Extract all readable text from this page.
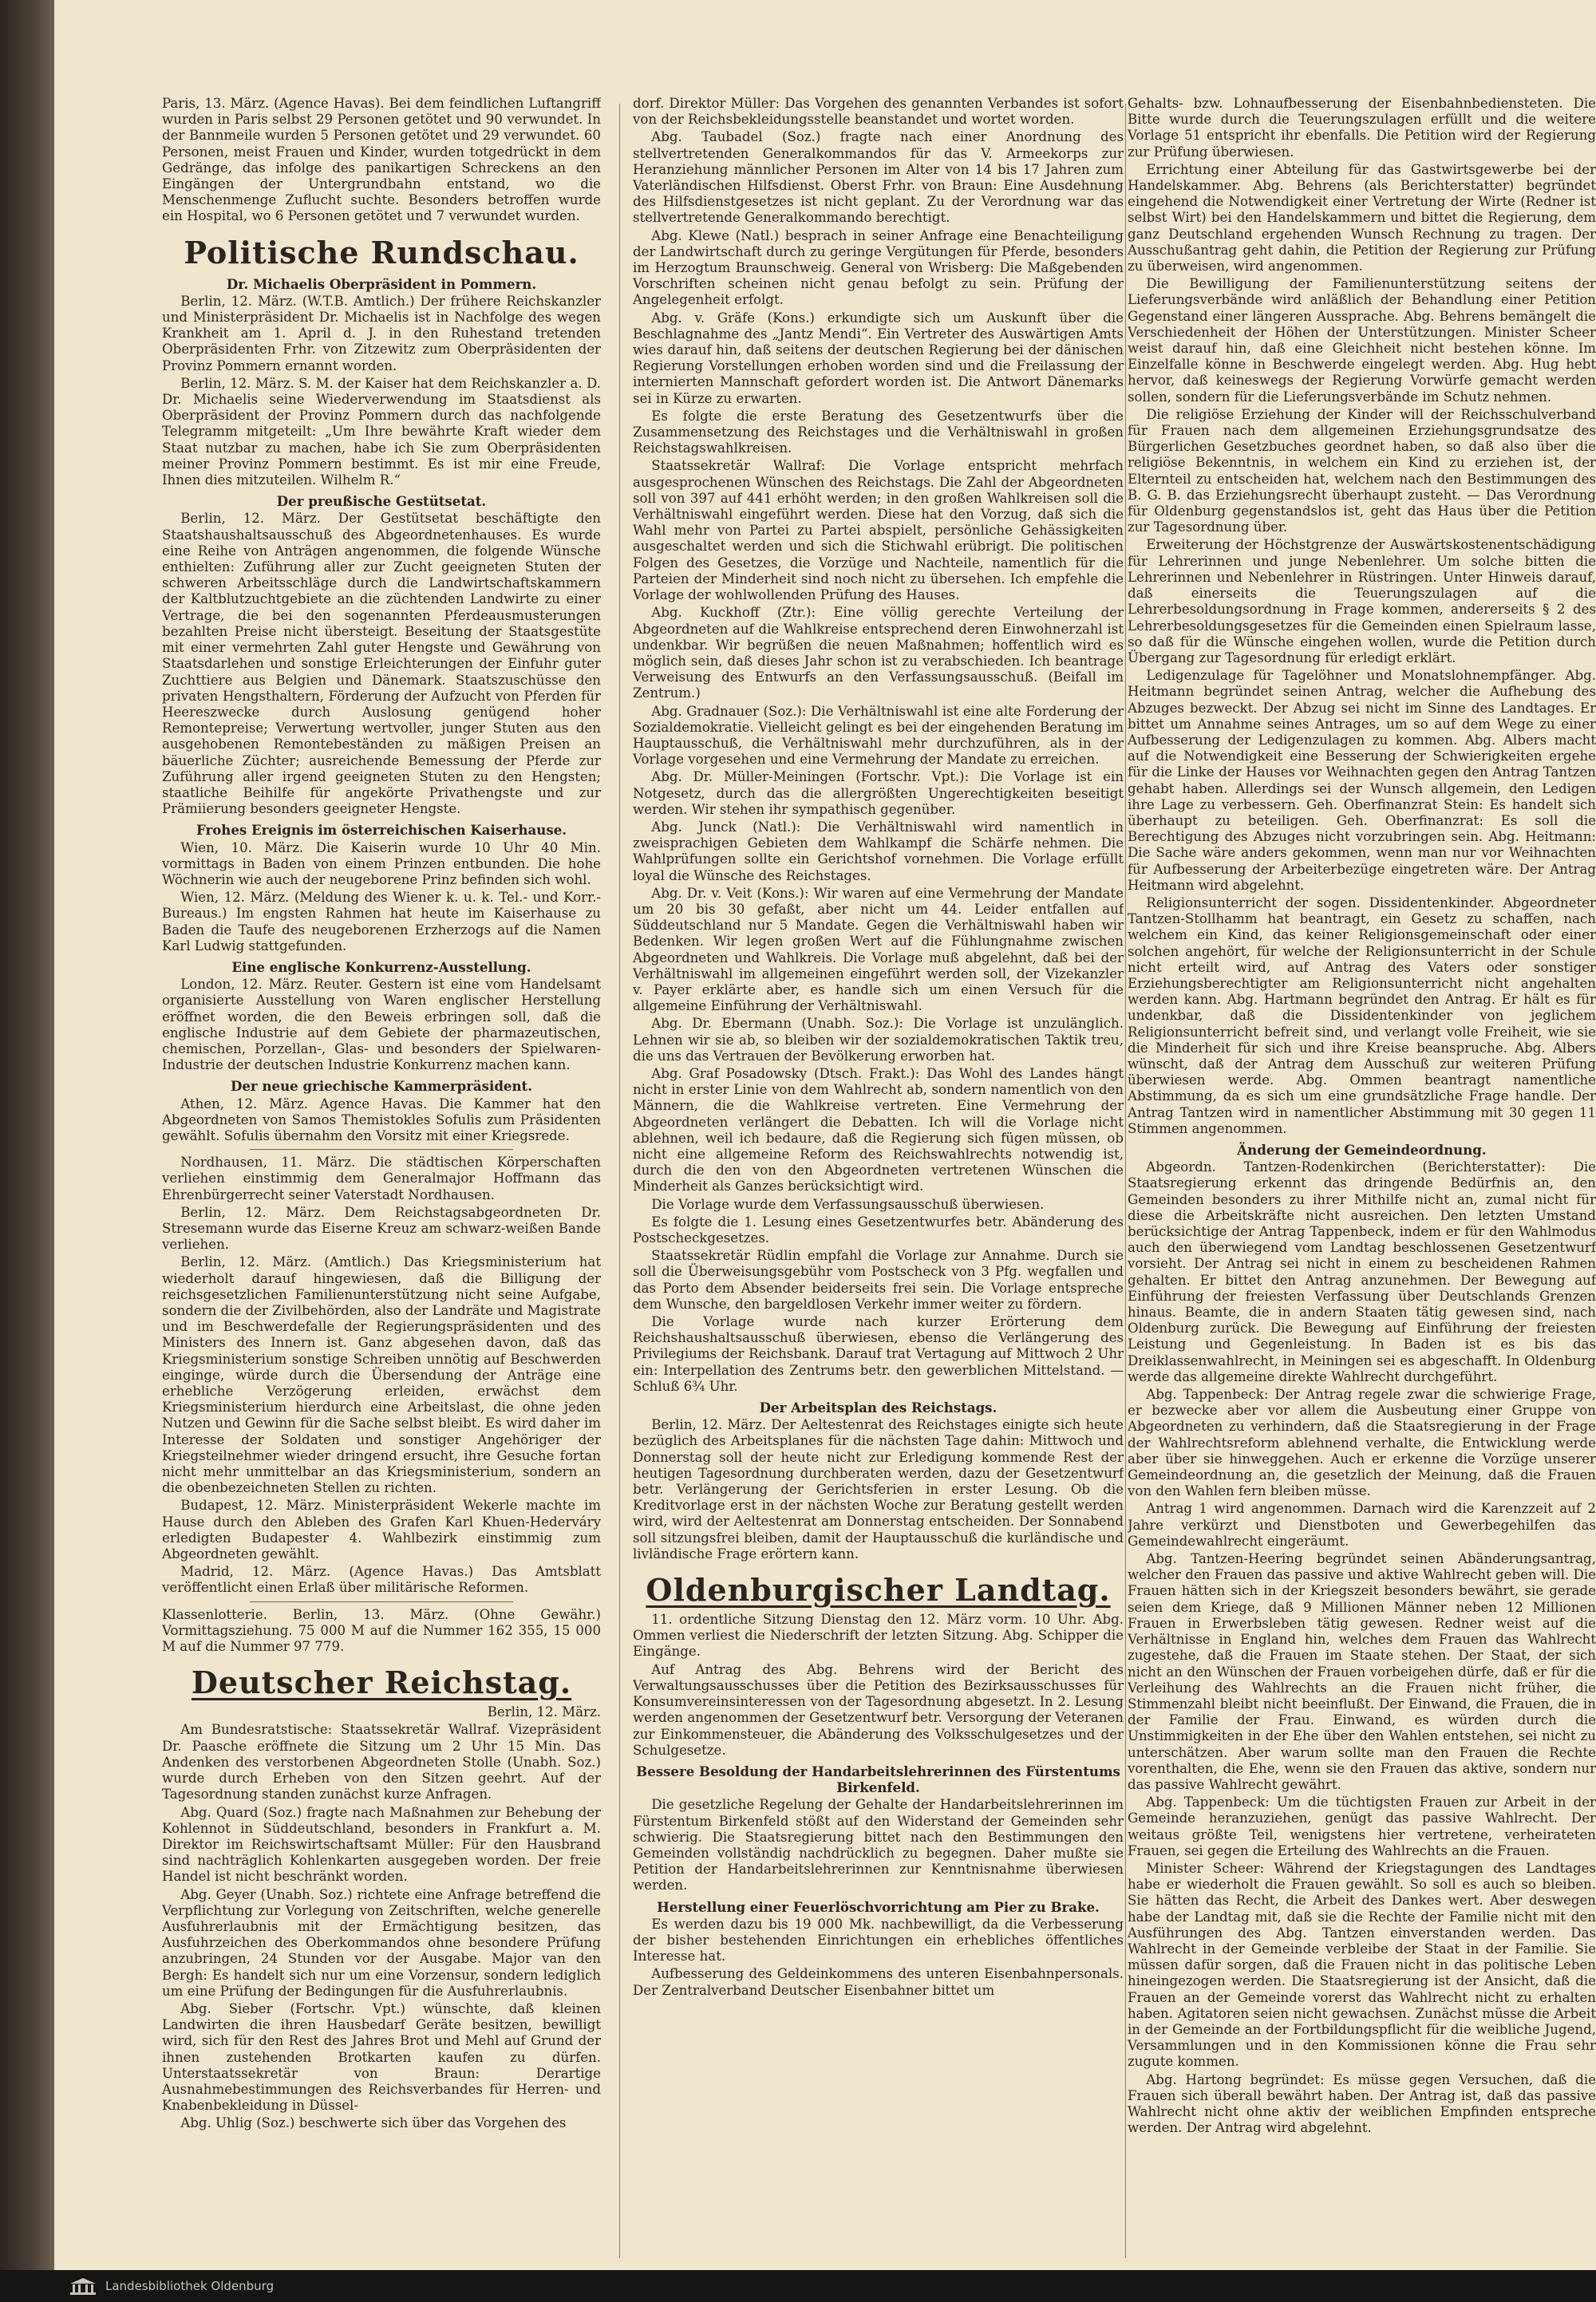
Paris, 13. März. (Agence Havas). Bei dem feindlichen Luftangriff wurden in Paris selbst 29 Personen getötet und 90 verwundet. In der Bannmeile wurden 5 Personen getötet und 29 verwundet. 60 Personen, meist Frauen und Kinder, wurden totgedrückt in dem Gedränge, das infolge des panikartigen Schreckens an den Eingängen der Untergrundbahn entstand, wo die Menschenmenge Zuflucht suchte. Besonders betroffen wurde ein Hospital, wo 6 Personen getötet und 7 verwundet wurden.

Politische Rundschau.
Dr. Michaelis Oberpräsident in Pommern.

Berlin, 12. März. (W.T.B. Amtlich.) Der frühere Reichskanzler und Ministerpräsident Dr. Michaelis ist in Nachfolge des wegen Krankheit am 1. April d. J. in den Ruhestand tretenden Oberpräsidenten Frhr. von Zitzewitz zum Oberpräsidenten der Provinz Pommern ernannt worden.

Berlin, 12. März. S. M. der Kaiser hat dem Reichskanzler a. D. Dr. Michaelis seine Wiederverwendung im Staatsdienst als Oberpräsident der Provinz Pommern durch das nachfolgende Telegramm mitgeteilt: „Um Ihre bewährte Kraft wieder dem Staat nutzbar zu machen, habe ich Sie zum Oberpräsidenten meiner Provinz Pommern bestimmt. Es ist mir eine Freude, Ihnen dies mitzuteilen. Wilhelm R.“

Der preußische Gestütsetat.

Berlin, 12. März. Der Gestütsetat beschäftigte den Staatshaushaltsausschuß des Abgeordnetenhauses. Es wurde eine Reihe von Anträgen angenommen, die folgende Wünsche enthielten: Zuführung aller zur Zucht geeigneten Stuten der schweren Arbeitsschläge durch die Landwirtschaftskammern der Kaltblutzuchtgebiete an die züchtenden Landwirte zu einer Vertrage, die bei den sogenannten Pferdeausmusterungen bezahlten Preise nicht übersteigt. Beseitung der Staatsgestüte mit einer vermehrten Zahl guter Hengste und Gewährung von Staatsdarlehen und sonstige Erleichterungen der Einfuhr guter Zuchttiere aus Belgien und Dänemark. Staatszuschüsse den privaten Hengsthaltern, Förderung der Aufzucht von Pferden für Heereszwecke durch Auslosung genügend hoher Remontepreise; Verwertung wertvoller, junger Stuten aus den ausgehobenen Remontebeständen zu mäßigen Preisen an bäuerliche Züchter; ausreichende Bemessung der Pferde zur Zuführung aller irgend geeigneten Stuten zu den Hengsten; staatliche Beihilfe für angekörte Privathengste und zur Prämiierung besonders geeigneter Hengste.

Frohes Ereignis im österreichischen Kaiserhause.

Wien, 10. März. Die Kaiserin wurde 10 Uhr 40 Min. vormittags in Baden von einem Prinzen entbunden. Die hohe Wöchnerin wie auch der neugeborene Prinz befinden sich wohl.

Wien, 12. März. (Meldung des Wiener k. u. k. Tel.- und Korr.-Bureaus.) Im engsten Rahmen hat heute im Kaiserhause zu Baden die Taufe des neugeborenen Erzherzogs auf die Namen Karl Ludwig stattgefunden.

Eine englische Konkurrenz-Ausstellung.

London, 12. März. Reuter. Gestern ist eine vom Handelsamt organisierte Ausstellung von Waren englischer Herstellung eröffnet worden, die den Beweis erbringen soll, daß die englische Industrie auf dem Gebiete der pharmazeutischen, chemischen, Porzellan-, Glas- und besonders der Spielwaren-Industrie der deutschen Industrie Konkurrenz machen kann.

Der neue griechische Kammerpräsident.

Athen, 12. März. Agence Havas. Die Kammer hat den Abgeordneten von Samos Themistokles Sofulis zum Präsidenten gewählt. Sofulis übernahm den Vorsitz mit einer Kriegsrede.

Nordhausen, 11. März. Die städtischen Körperschaften verliehen einstimmig dem Generalmajor Hoffmann das Ehrenbürgerrecht seiner Vaterstadt Nordhausen.

Berlin, 12. März. Dem Reichstagsabgeordneten Dr. Stresemann wurde das Eiserne Kreuz am schwarz-weißen Bande verliehen.

Berlin, 12. März. (Amtlich.) Das Kriegsministerium hat wiederholt darauf hingewiesen, daß die Billigung der reichsgesetzlichen Familienunterstützung nicht seine Aufgabe, sondern die der Zivilbehörden, also der Landräte und Magistrate und im Beschwerdefalle der Regierungspräsidenten und des Ministers des Innern ist. Ganz abgesehen davon, daß das Kriegsministerium sonstige Schreiben unnötig auf Beschwerden einginge, würde durch die Übersendung der Anträge eine erhebliche Verzögerung erleiden, erwächst dem Kriegsministerium hierdurch eine Arbeitslast, die ohne jeden Nutzen und Gewinn für die Sache selbst bleibt. Es wird daher im Interesse der Soldaten und sonstiger Angehöriger der Kriegsteilnehmer wieder dringend ersucht, ihre Gesuche fortan nicht mehr unmittelbar an das Kriegsministerium, sondern an die obenbezeichneten Stellen zu richten.

Budapest, 12. März. Ministerpräsident Wekerle machte im Hause durch den Ableben des Grafen Karl Khuen-Hederváry erledigten Budapester 4. Wahlbezirk einstimmig zum Abgeordneten gewählt.

Madrid, 12. März. (Agence Havas.) Das Amtsblatt veröffentlicht einen Erlaß über militärische Reformen.

Klassenlotterie. Berlin, 13. März. (Ohne Gewähr.) Vormittagsziehung. 75 000 M auf die Nummer 162 355, 15 000 M auf die Nummer 97 779.

Deutscher Reichstag.

Berlin, 12. März.

Am Bundesratstische: Staatssekretär Wallraf. Vizepräsident Dr. Paasche eröffnete die Sitzung um 2 Uhr 15 Min. Das Andenken des verstorbenen Abgeordneten Stolle (Unabh. Soz.) wurde durch Erheben von den Sitzen geehrt. Auf der Tagesordnung standen zunächst kurze Anfragen.

Abg. Quard (Soz.) fragte nach Maßnahmen zur Behebung der Kohlennot in Süddeutschland, besonders in Frankfurt a. M. Direktor im Reichswirtschaftsamt Müller: Für den Hausbrand sind nachträglich Kohlenkarten ausgegeben worden. Der freie Handel ist nicht beschränkt worden.

Abg. Geyer (Unabh. Soz.) richtete eine Anfrage betreffend die Verpflichtung zur Vorlegung von Zeitschriften, welche generelle Ausfuhrerlaubnis mit der Ermächtigung besitzen, das Ausfuhrzeichen des Oberkommandos ohne besondere Prüfung anzubringen, 24 Stunden vor der Ausgabe. Major van den Bergh: Es handelt sich nur um eine Vorzensur, sondern lediglich um eine Prüfung der Bedingungen für die Ausfuhrerlaubnis.

Abg. Sieber (Fortschr. Vpt.) wünschte, daß kleinen Landwirten die ihren Hausbedarf Geräte besitzen, bewilligt wird, sich für den Rest des Jahres Brot und Mehl auf Grund der ihnen zustehenden Brotkarten kaufen zu dürfen. Unterstaatssekretär von Braun: Derartige Ausnahmebestimmungen des Reichsverbandes für Herren- und Knabenbekleidung in Düssel-

Abg. Uhlig (Soz.) beschwerte sich über das Vorgehen des

dorf. Direktor Müller: Das Vorgehen des genannten Verbandes ist sofort von der Reichsbekleidungsstelle beanstandet und wortet worden.

Abg. Taubadel (Soz.) fragte nach einer Anordnung des stellvertretenden Generalkommandos für das V. Armeekorps zur Heranziehung männlicher Personen im Alter von 14 bis 17 Jahren zum Vaterländischen Hilfsdienst. Oberst Frhr. von Braun: Eine Ausdehnung des Hilfsdienstgesetzes ist nicht geplant. Zu der Verordnung war das stellvertretende Generalkommando berechtigt.

Abg. Klewe (Natl.) besprach in seiner Anfrage eine Benachteiligung der Landwirtschaft durch zu geringe Vergütungen für Pferde, besonders im Herzogtum Braunschweig. General von Wrisberg: Die Maßgebenden Vorschriften scheinen nicht genau befolgt zu sein. Prüfung der Angelegenheit erfolgt.

Abg. v. Gräfe (Kons.) erkundigte sich um Auskunft über die Beschlagnahme des „Jantz Mendi“. Ein Vertreter des Auswärtigen Amts wies darauf hin, daß seitens der deutschen Regierung bei der dänischen Regierung Vorstellungen erhoben worden sind und die Freilassung der internierten Mannschaft gefordert worden ist. Die Antwort Dänemarks sei in Kürze zu erwarten.

Es folgte die erste Beratung des Gesetzentwurfs über die Zusammensetzung des Reichstages und die Verhältniswahl in großen Reichstagswahlkreisen.

Staatssekretär Wallraf: Die Vorlage entspricht mehrfach ausgesprochenen Wünschen des Reichstags. Die Zahl der Abgeordneten soll von 397 auf 441 erhöht werden; in den großen Wahlkreisen soll die Verhältniswahl eingeführt werden. Diese hat den Vorzug, daß sich die Wahl mehr von Partei zu Partei abspielt, persönliche Gehässigkeiten ausgeschaltet werden und sich die Stichwahl erübrigt. Die politischen Folgen des Gesetzes, die Vorzüge und Nachteile, namentlich für die Parteien der Minderheit sind noch nicht zu übersehen. Ich empfehle die Vorlage der wohlwollenden Prüfung des Hauses.

Abg. Kuckhoff (Ztr.): Eine völlig gerechte Verteilung der Abgeordneten auf die Wahlkreise entsprechend deren Einwohnerzahl ist undenkbar. Wir begrüßen die neuen Maßnahmen; hoffentlich wird es möglich sein, daß dieses Jahr schon ist zu verabschieden. Ich beantrage Verweisung des Entwurfs an den Verfassungsausschuß. (Beifall im Zentrum.)

Abg. Gradnauer (Soz.): Die Verhältniswahl ist eine alte Forderung der Sozialdemokratie. Vielleicht gelingt es bei der eingehenden Beratung im Hauptausschuß, die Verhältniswahl mehr durchzuführen, als in der Vorlage vorgesehen und eine Vermehrung der Mandate zu erreichen.

Abg. Dr. Müller-Meiningen (Fortschr. Vpt.): Die Vorlage ist ein Notgesetz, durch das die allergrößten Ungerechtigkeiten beseitigt werden. Wir stehen ihr sympathisch gegenüber.

Abg. Junck (Natl.): Die Verhältniswahl wird namentlich in zweisprachigen Gebieten dem Wahlkampf die Schärfe nehmen. Die Wahlprüfungen sollte ein Gerichtshof vornehmen. Die Vorlage erfüllt loyal die Wünsche des Reichstages.

Abg. Dr. v. Veit (Kons.): Wir waren auf eine Vermehrung der Mandate um 20 bis 30 gefaßt, aber nicht um 44. Leider entfallen auf Süddeutschland nur 5 Mandate. Gegen die Verhältniswahl haben wir Bedenken. Wir legen großen Wert auf die Fühlungnahme zwischen Abgeordneten und Wahlkreis. Die Vorlage muß abgelehnt, daß bei der Verhältniswahl im allgemeinen eingeführt werden soll, der Vizekanzler v. Payer erklärte aber, es handle sich um einen Versuch für die allgemeine Einführung der Verhältniswahl.

Abg. Dr. Ebermann (Unabh. Soz.): Die Vorlage ist unzulänglich. Lehnen wir sie ab, so bleiben wir der sozialdemokratischen Taktik treu, die uns das Vertrauen der Bevölkerung erworben hat.

Abg. Graf Posadowsky (Dtsch. Frakt.): Das Wohl des Landes hängt nicht in erster Linie von dem Wahlrecht ab, sondern namentlich von den Männern, die die Wahlkreise vertreten. Eine Vermehrung der Abgeordneten verlängert die Debatten. Ich will die Vorlage nicht ablehnen, weil ich bedaure, daß die Regierung sich fügen müssen, ob nicht eine allgemeine Reform des Reichswahlrechts notwendig ist, durch die den von den Abgeordneten vertretenen Wünschen die Minderheit als Ganzes berücksichtigt wird.

Die Vorlage wurde dem Verfassungsausschuß überwiesen.

Es folgte die 1. Lesung eines Gesetzentwurfes betr. Abänderung des Postscheckgesetzes.

Staatssekretär Rüdlin empfahl die Vorlage zur Annahme. Durch sie soll die Überweisungsgebühr vom Postscheck von 3 Pfg. wegfallen und das Porto dem Absender beiderseits frei sein. Die Vorlage entspreche dem Wunsche, den bargeldlosen Verkehr immer weiter zu fördern.

Die Vorlage wurde nach kurzer Erörterung dem Reichshaushaltsausschuß überwiesen, ebenso die Verlängerung des Privilegiums der Reichsbank. Darauf trat Vertagung auf Mittwoch 2 Uhr ein: Interpellation des Zentrums betr. den gewerblichen Mittelstand. — Schluß 6¾ Uhr.

Der Arbeitsplan des Reichstags.

Berlin, 12. März. Der Aeltestenrat des Reichstages einigte sich heute bezüglich des Arbeitsplanes für die nächsten Tage dahin: Mittwoch und Donnerstag soll der heute nicht zur Erledigung kommende Rest der heutigen Tagesordnung durchberaten werden, dazu der Gesetzentwurf betr. Verlängerung der Gerichtsferien in erster Lesung. Ob die Kreditvorlage erst in der nächsten Woche zur Beratung gestellt werden wird, wird der Aeltestenrat am Donnerstag entscheiden. Der Sonnabend soll sitzungsfrei bleiben, damit der Hauptausschuß die kurländische und livländische Frage erörtern kann.

Oldenburgischer Landtag.

11. ordentliche Sitzung Dienstag den 12. März vorm. 10 Uhr. Abg. Ommen verliest die Niederschrift der letzten Sitzung. Abg. Schipper die Eingänge.

Auf Antrag des Abg. Behrens wird der Bericht des Verwaltungsausschusses über die Petition des Bezirksausschusses für Konsumvereinsinteressen von der Tagesordnung abgesetzt. In 2. Lesung werden angenommen der Gesetzentwurf betr. Versorgung der Veteranen zur Einkommensteuer, die Abänderung des Volksschulgesetzes und der Schulgesetze.

Bessere Besoldung der Handarbeitslehrerinnen des Fürstentums Birkenfeld.

Die gesetzliche Regelung der Gehalte der Handarbeitslehrerinnen im Fürstentum Birkenfeld stößt auf den Widerstand der Gemeinden sehr schwierig. Die Staatsregierung bittet nach den Bestimmungen den Gemeinden vollständig nachdrücklich zu begegnen. Daher mußte sie Petition der Handarbeitslehrerinnen zur Kenntnisnahme überwiesen werden.

Herstellung einer Feuerlöschvorrichtung am Pier zu Brake.

Es werden dazu bis 19 000 Mk. nachbewilligt, da die Verbesserung der bisher bestehenden Einrichtungen ein erhebliches öffentliches Interesse hat.

Aufbesserung des Geldeinkommens des unteren Eisenbahnpersonals. Der Zentralverband Deutscher Eisenbahner bittet um

Gehalts- bzw. Lohnaufbesserung der Eisenbahnbediensteten. Die Bitte wurde durch die Teuerungszulagen erfüllt und die weitere Vorlage 51 entspricht ihr ebenfalls. Die Petition wird der Regierung zur Prüfung überwiesen.

Errichtung einer Abteilung für das Gastwirtsgewerbe bei der Handelskammer. Abg. Behrens (als Berichterstatter) begründet eingehend die Notwendigkeit einer Vertretung der Wirte (Redner ist selbst Wirt) bei den Handelskammern und bittet die Regierung, dem ganz Deutschland ergehenden Wunsch Rechnung zu tragen. Der Ausschußantrag geht dahin, die Petition der Regierung zur Prüfung zu überweisen, wird angenommen.

Die Bewilligung der Familienunterstützung seitens der Lieferungsverbände wird anläßlich der Behandlung einer Petition Gegenstand einer längeren Aussprache. Abg. Behrens bemängelt die Verschiedenheit der Höhen der Unterstützungen. Minister Scheer weist darauf hin, daß eine Gleichheit nicht bestehen könne. Im Einzelfalle könne in Beschwerde eingelegt werden. Abg. Hug hebt hervor, daß keineswegs der Regierung Vorwürfe gemacht werden sollen, sondern für die Lieferungsverbände im Schutz nehmen.

Die religiöse Erziehung der Kinder will der Reichsschulverband für Frauen nach dem allgemeinen Erziehungsgrundsatze des Bürgerlichen Gesetzbuches geordnet haben, so daß also über die religiöse Bekenntnis, in welchem ein Kind zu erziehen ist, der Elternteil zu entscheiden hat, welchem nach den Bestimmungen des B. G. B. das Erziehungsrecht überhaupt zusteht. — Das Verordnung für Oldenburg gegenstandslos ist, geht das Haus über die Petition zur Tagesordnung über.

Erweiterung der Höchstgrenze der Auswärtskostenentschädigung für Lehrerinnen und junge Nebenlehrer. Um solche bitten die Lehrerinnen und Nebenlehrer in Rüstringen. Unter Hinweis darauf, daß einerseits die Teuerungszulagen auf die Lehrerbesoldungsordnung in Frage kommen, andererseits § 2 des Lehrerbesoldungsgesetzes für die Gemeinden einen Spielraum lasse, so daß für die Wünsche eingehen wollen, wurde die Petition durch Übergang zur Tagesordnung für erledigt erklärt.

Ledigenzulage für Tagelöhner und Monatslohnempfänger. Abg. Heitmann begründet seinen Antrag, welcher die Aufhebung des Abzuges bezweckt. Der Abzug sei nicht im Sinne des Landtages. Er bittet um Annahme seines Antrages, um so auf dem Wege zu einer Aufbesserung der Ledigenzulagen zu kommen. Abg. Albers macht auf die Notwendigkeit eine Besserung der Schwierigkeiten ergehe für die Linke der Hauses vor Weihnachten gegen den Antrag Tantzen gehabt haben. Allerdings sei der Wunsch allgemein, den Ledigen ihre Lage zu verbessern. Geh. Oberfinanzrat Stein: Es handelt sich überhaupt zu beteiligen. Geh. Oberfinanzrat: Es soll die Berechtigung des Abzuges nicht vorzubringen sein. Abg. Heitmann: Die Sache wäre anders gekommen, wenn man nur vor Weihnachten für Aufbesserung der Arbeiterbezüge eingetreten wäre. Der Antrag Heitmann wird abgelehnt.

Religionsunterricht der sogen. Dissidentenkinder. Abgeordneter Tantzen-Stollhamm hat beantragt, ein Gesetz zu schaffen, nach welchem ein Kind, das keiner Religionsgemeinschaft oder einer solchen angehört, für welche der Religionsunterricht in der Schule nicht erteilt wird, auf Antrag des Vaters oder sonstiger Erziehungsberechtigter am Religionsunterricht nicht angehalten werden kann. Abg. Hartmann begründet den Antrag. Er hält es für undenkbar, daß die Dissidentenkinder von jeglichem Religionsunterricht befreit sind, und verlangt volle Freiheit, wie sie die Minderheit für sich und ihre Kreise beanspruche. Abg. Albers wünscht, daß der Antrag dem Ausschuß zur weiteren Prüfung überwiesen werde. Abg. Ommen beantragt namentliche Abstimmung, da es sich um eine grundsätzliche Frage handle. Der Antrag Tantzen wird in namentlicher Abstimmung mit 30 gegen 11 Stimmen angenommen.

Änderung der Gemeindeordnung.

Abgeordn. Tantzen-Rodenkirchen (Berichterstatter): Die Staatsregierung erkennt das dringende Bedürfnis an, den Gemeinden besonders zu ihrer Mithilfe nicht an, zumal nicht für diese die Arbeitskräfte nicht ausreichen. Den letzten Umstand berücksichtige der Antrag Tappenbeck, indem er für den Wahlmodus auch den überwiegend vom Landtag beschlossenen Gesetzentwurf vorsieht. Der Antrag sei nicht in einem zu bescheidenen Rahmen gehalten. Er bittet den Antrag anzunehmen. Der Bewegung auf Einführung der freiesten Verfassung über Deutschlands Grenzen hinaus. Beamte, die in andern Staaten tätig gewesen sind, nach Oldenburg zurück. Die Bewegung auf Einführung der freiesten Leistung und Gegenleistung. In Baden ist es bis das Dreiklassenwahlrecht, in Meiningen sei es abgeschafft. In Oldenburg werde das allgemeine direkte Wahlrecht durchgeführt.

Abg. Tappenbeck: Der Antrag regele zwar die schwierige Frage, er bezwecke aber vor allem die Ausbeutung einer Gruppe von Abgeordneten zu verhindern, daß die Staatsregierung in der Frage der Wahlrechtsreform ablehnend verhalte, die Entwicklung werde aber über sie hinweggehen. Auch er erkenne die Vorzüge unserer Gemeindeordnung an, die gesetzlich der Meinung, daß die Frauen von den Wahlen fern bleiben müsse.

Antrag 1 wird angenommen. Darnach wird die Karenzzeit auf 2 Jahre verkürzt und Dienstboten und Gewerbegehilfen das Gemeindewahlrecht eingeräumt.

Abg. Tantzen-Heering begründet seinen Abänderungsantrag, welcher den Frauen das passive und aktive Wahlrecht geben will. Die Frauen hätten sich in der Kriegszeit besonders bewährt, sie gerade seien dem Kriege, daß 9 Millionen Männer neben 12 Millionen Frauen in Erwerbsleben tätig gewesen. Redner weist auf die Verhältnisse in England hin, welches dem Frauen das Wahlrecht zugestehe, daß die Frauen im Staate stehen. Der Staat, der sich nicht an den Wünschen der Frauen vorbeigehen dürfe, daß er für die Verleihung des Wahlrechts an die Frauen nicht früher, die Stimmenzahl bleibt nicht beeinflußt. Der Einwand, die Frauen, die in der Familie der Frau. Einwand, es würden durch die Unstimmigkeiten in der Ehe über den Wahlen entstehen, sei nicht zu unterschätzen. Aber warum sollte man den Frauen die Rechte vorenthalten, die Ehe, wenn sie den Frauen das aktive, sondern nur das passive Wahlrecht gewährt.

Abg. Tappenbeck: Um die tüchtigsten Frauen zur Arbeit in der Gemeinde heranzuziehen, genügt das passive Wahlrecht. Der weitaus größte Teil, wenigstens hier vertretene, verheirateten Frauen, sei gegen die Erteilung des Wahlrechts an die Frauen.

Minister Scheer: Während der Kriegstagungen des Landtages habe er wiederholt die Frauen gewählt. So soll es auch so bleiben. Sie hätten das Recht, die Arbeit des Dankes wert. Aber deswegen habe der Landtag mit, daß sie die Rechte der Familie nicht mit den Ausführungen des Abg. Tantzen einverstanden werden. Das Wahlrecht in der Gemeinde verbleibe der Staat in der Familie. Sie müssen dafür sorgen, daß die Frauen nicht in das politische Leben hineingezogen werden. Die Staatsregierung ist der Ansicht, daß die Frauen an der Gemeinde vorerst das Wahlrecht nicht zu erhalten haben. Agitatoren seien nicht gewachsen. Zunächst müsse die Arbeit in der Gemeinde an der Fortbildungspflicht für die weibliche Jugend, Versammlungen und in den Kommissionen könne die Frau sehr zugute kommen.

Abg. Hartong begründet: Es müsse gegen Versuchen, daß die Frauen sich überall bewährt haben. Der Antrag ist, daß das passive Wahlrecht nicht ohne aktiv der weiblichen Empfinden entspreche werden. Der Antrag wird abgelehnt.

Landesbibliothek Oldenburg
